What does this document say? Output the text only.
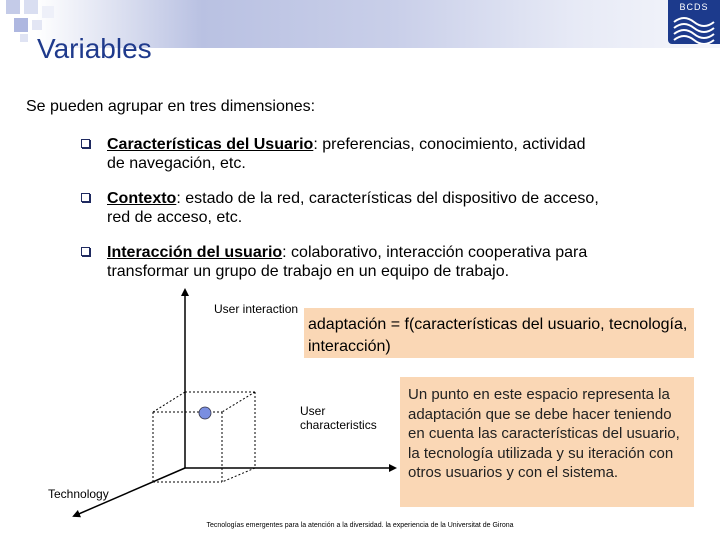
BCDS
Variables
Se pueden agrupar en tres dimensiones:
Características del Usuario: preferencias, conocimiento, actividad de navegación, etc.
Contexto: estado de la red, características del dispositivo de acceso, red de acceso, etc.
Interacción del usuario: colaborativo, interacción cooperativa para transformar un grupo de trabajo en un equipo de trabajo.
User interaction
User characteristics
Technology
adaptación = f(características del usuario, tecnología, interacción)
Un punto en este espacio representa la adaptación que se debe hacer teniendo en cuenta las características del usuario, la tecnología utilizada y su iteración con otros usuarios y con el sistema.
Tecnologías emergentes para la atención a la diversidad. la experiencia de la Universitat de Girona
